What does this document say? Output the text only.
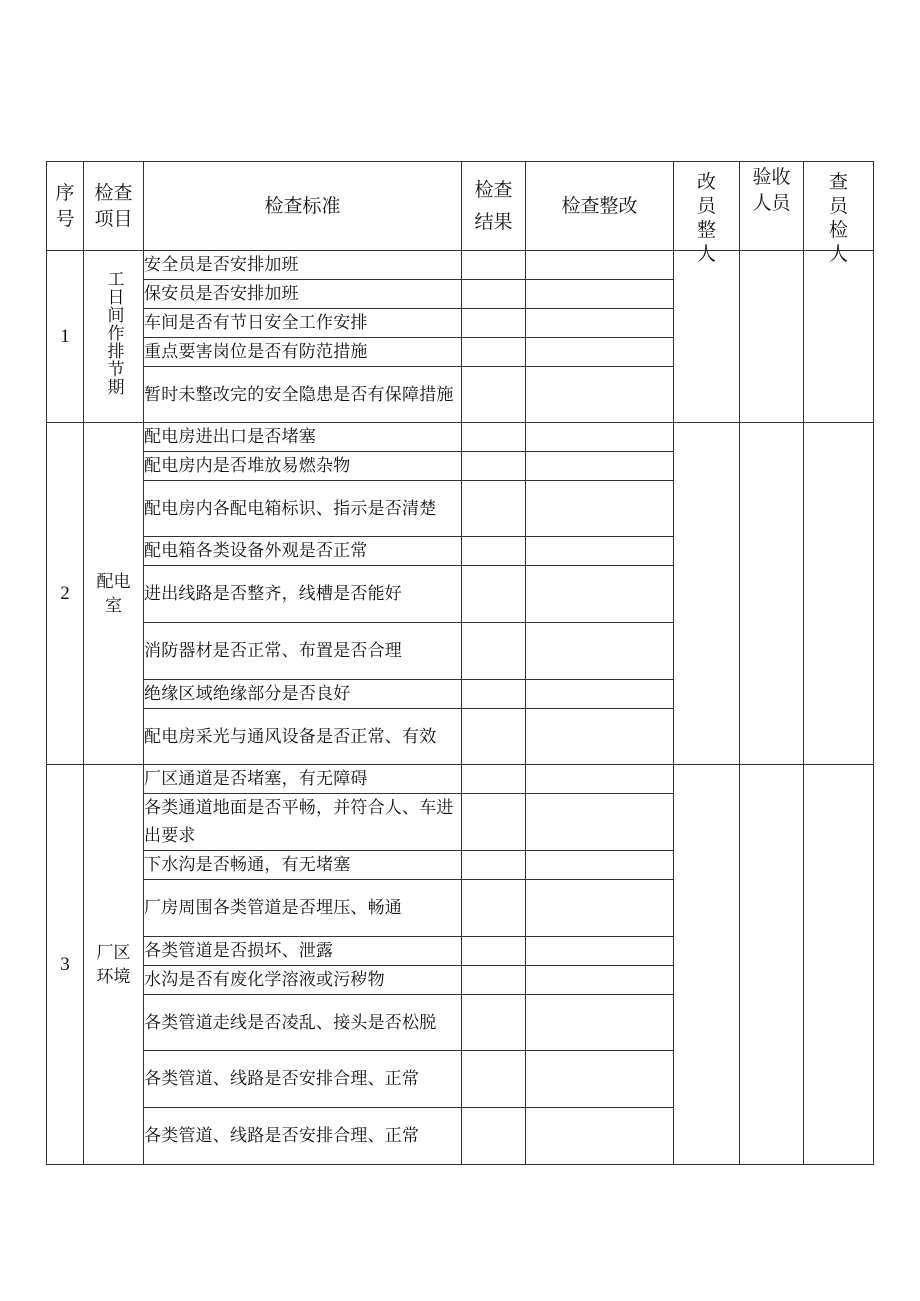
序号	检查项目	检查标准	检查结果	检查整改	改员整人	验收人员	查员检人

1	工日间作排节期	安全员是否安排加班					
		保安员是否安排加班					
		车间是否有节日安全工作安排					
		重点要害岗位是否有防范措施					
		暂时未整改完的安全隐患是否有保障措施					
2	配电室	配电房进出口是否堵塞					
		配电房内是否堆放易燃杂物					
		配电房内各配电箱标识、指示是否清楚					
		配电箱各类设备外观是否正常					
		进出线路是否整齐，线槽是否能好					
		消防器材是否正常、布置是否合理					
		绝缘区域绝缘部分是否良好					
		配电房采光与通风设备是否正常、有效					
3	厂区环境	厂区通道是否堵塞，有无障碍					
		各类通道地面是否平畅，并符合人、车进出要求					
		下水沟是否畅通，有无堵塞					
		厂房周围各类管道是否埋压、畅通					
		各类管道是否损坏、泄露					
		水沟是否有废化学溶液或污秽物					
		各类管道走线是否凌乱、接头是否松脱					
		各类管道、线路是否安排合理、正常					
		各类管道、线路是否安排合理、正常					
